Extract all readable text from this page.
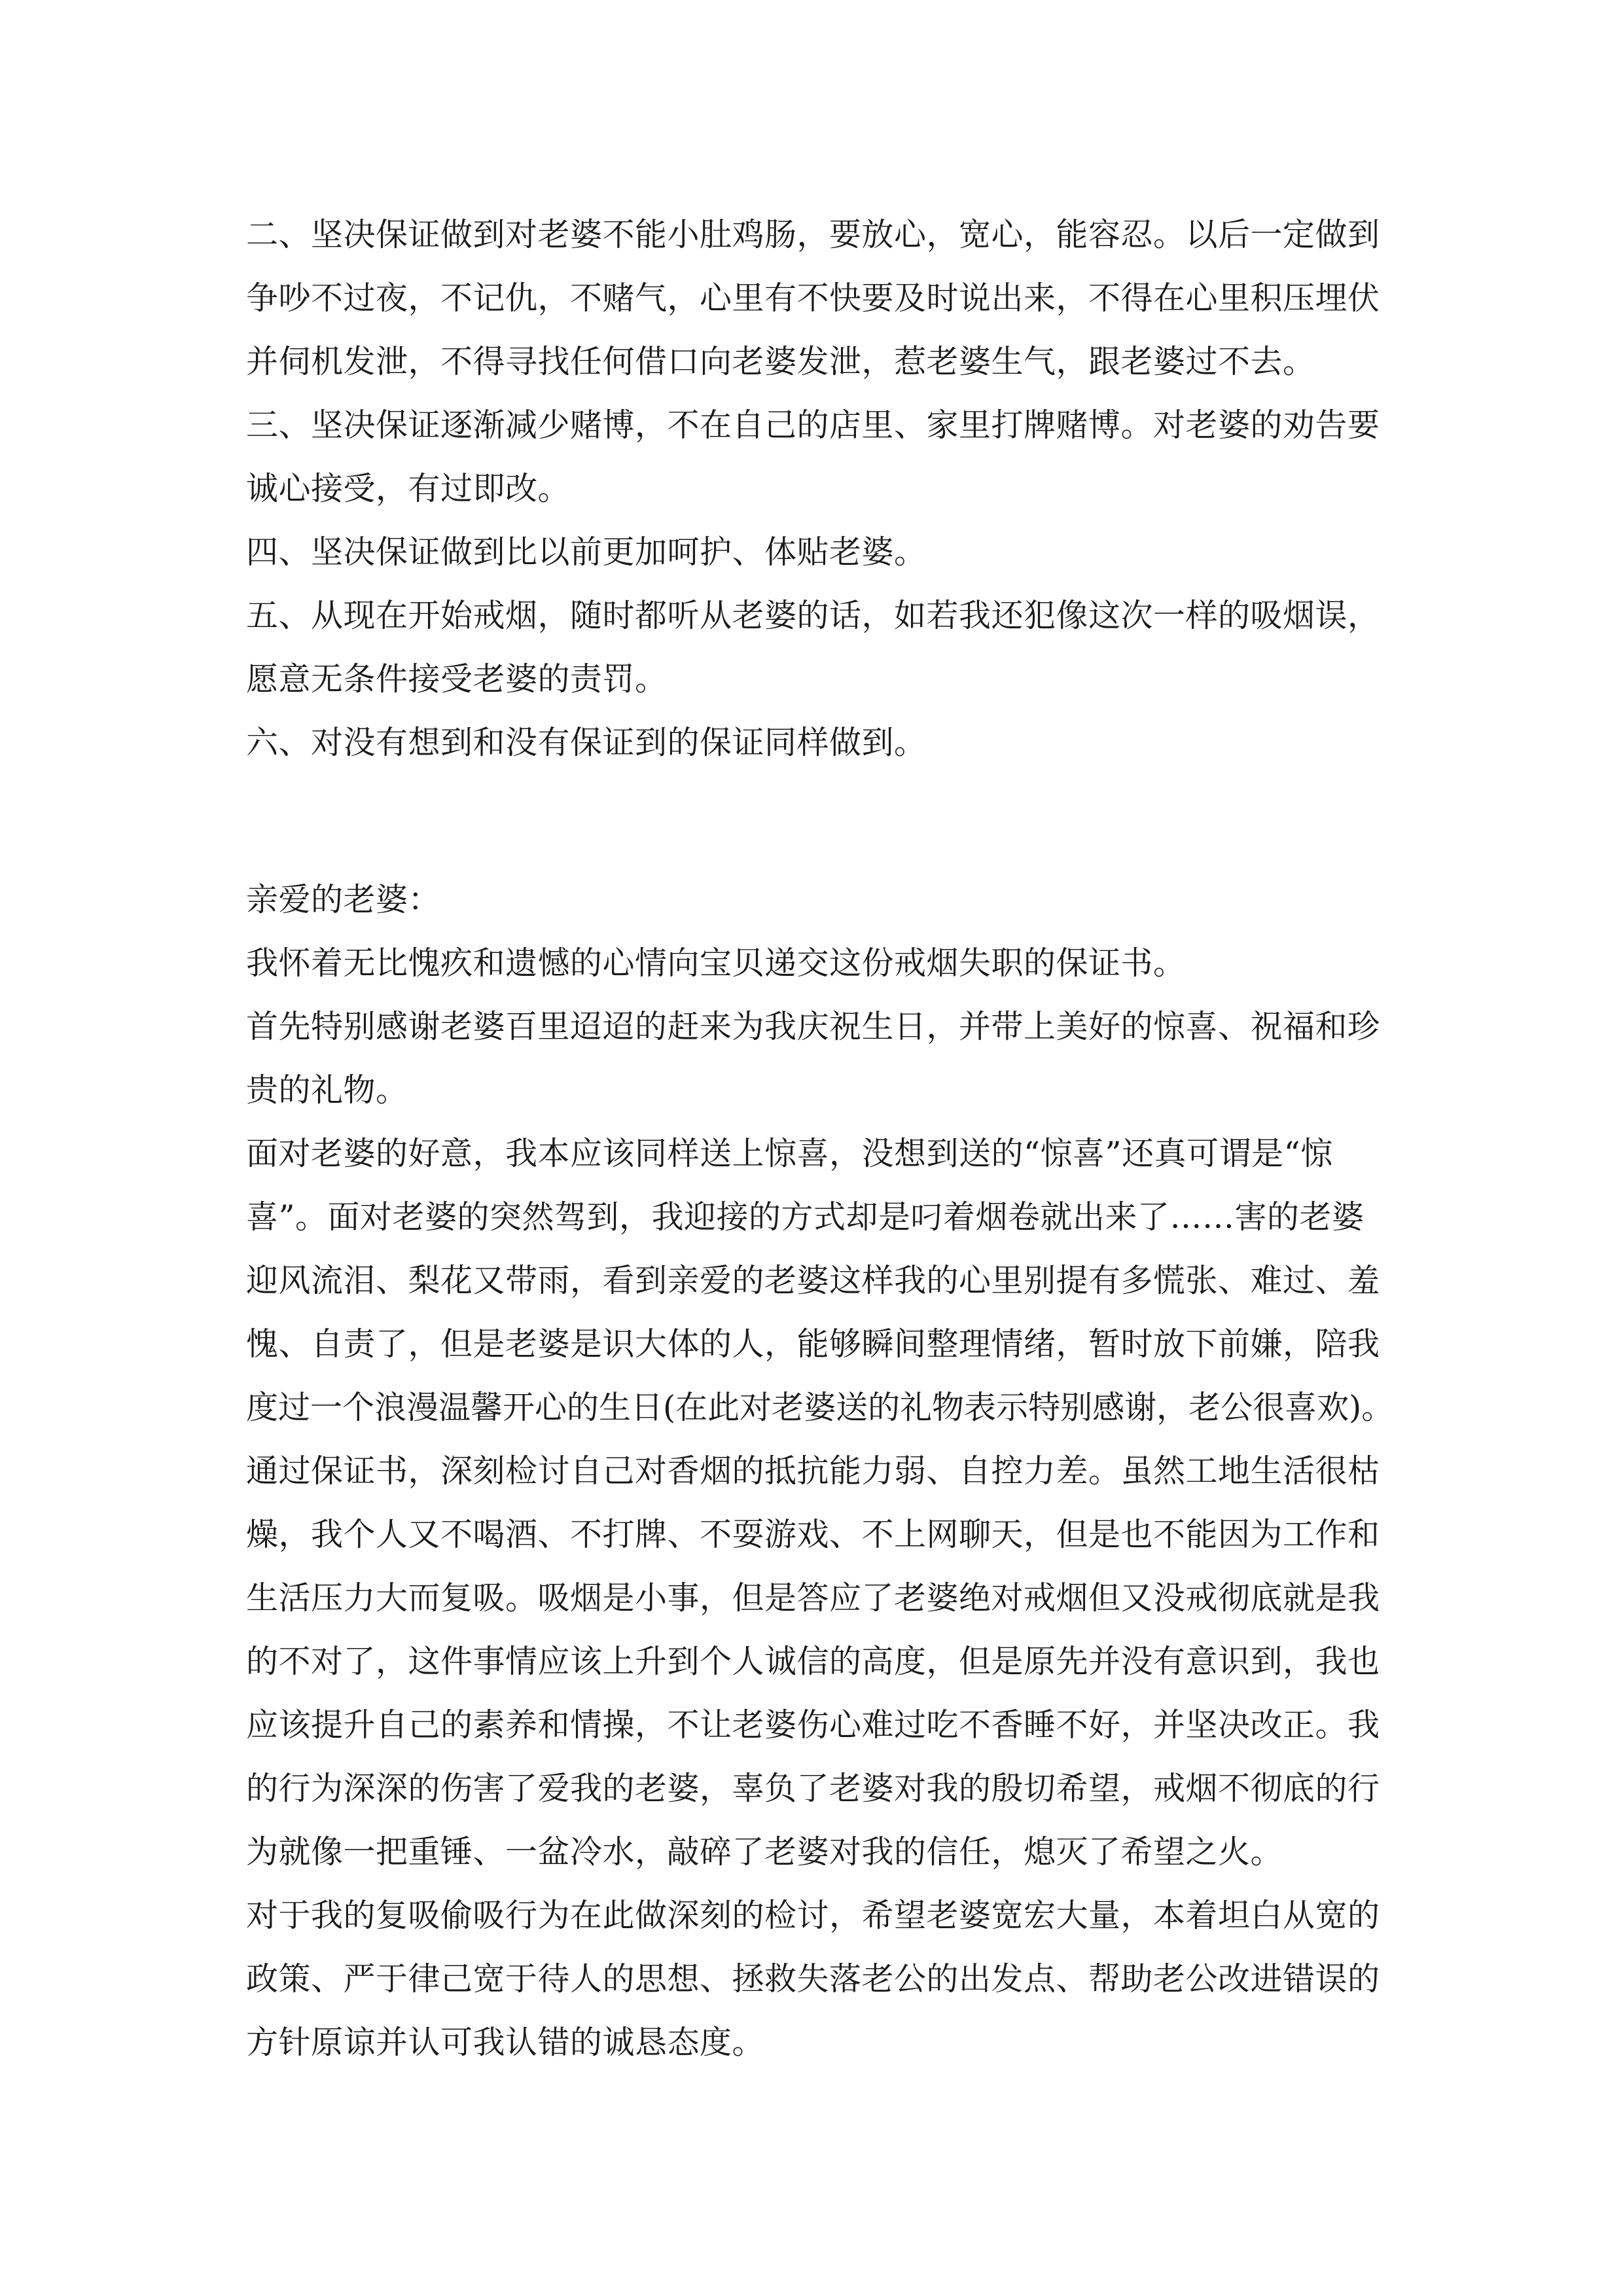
二、坚决保证做到对老婆不能小肚鸡肠，要放心，宽心，能容忍。以后一定做到
争吵不过夜，不记仇，不赌气，心里有不快要及时说出来，不得在心里积压埋伏
并伺机发泄，不得寻找任何借口向老婆发泄，惹老婆生气，跟老婆过不去。
三、坚决保证逐渐减少赌博，不在自己的店里、家里打牌赌博。对老婆的劝告要
诚心接受，有过即改。
四、坚决保证做到比以前更加呵护、体贴老婆。
五、从现在开始戒烟，随时都听从老婆的话，如若我还犯像这次一样的吸烟误，
愿意无条件接受老婆的责罚。
六、对没有想到和没有保证到的保证同样做到。
亲爱的老婆：
我怀着无比愧疚和遗憾的心情向宝贝递交这份戒烟失职的保证书。
首先特别感谢老婆百里迢迢的赶来为我庆祝生日，并带上美好的惊喜、祝福和珍
贵的礼物。
面对老婆的好意，我本应该同样送上惊喜，没想到送的“惊喜”还真可谓是“惊
喜”。面对老婆的突然驾到，我迎接的方式却是叼着烟卷就出来了……害的老婆
迎风流泪、梨花又带雨，看到亲爱的老婆这样我的心里别提有多慌张、难过、羞
愧、自责了，但是老婆是识大体的人，能够瞬间整理情绪，暂时放下前嫌，陪我
度过一个浪漫温馨开心的生日(在此对老婆送的礼物表示特别感谢，老公很喜欢)。
通过保证书，深刻检讨自己对香烟的抵抗能力弱、自控力差。虽然工地生活很枯
燥，我个人又不喝酒、不打牌、不耍游戏、不上网聊天，但是也不能因为工作和
生活压力大而复吸。吸烟是小事，但是答应了老婆绝对戒烟但又没戒彻底就是我
的不对了，这件事情应该上升到个人诚信的高度，但是原先并没有意识到，我也
应该提升自己的素养和情操，不让老婆伤心难过吃不香睡不好，并坚决改正。我
的行为深深的伤害了爱我的老婆，辜负了老婆对我的殷切希望，戒烟不彻底的行
为就像一把重锤、一盆冷水，敲碎了老婆对我的信任，熄灭了希望之火。
对于我的复吸偷吸行为在此做深刻的检讨，希望老婆宽宏大量，本着坦白从宽的
政策、严于律己宽于待人的思想、拯救失落老公的出发点、帮助老公改进错误的
方针原谅并认可我认错的诚恳态度。
